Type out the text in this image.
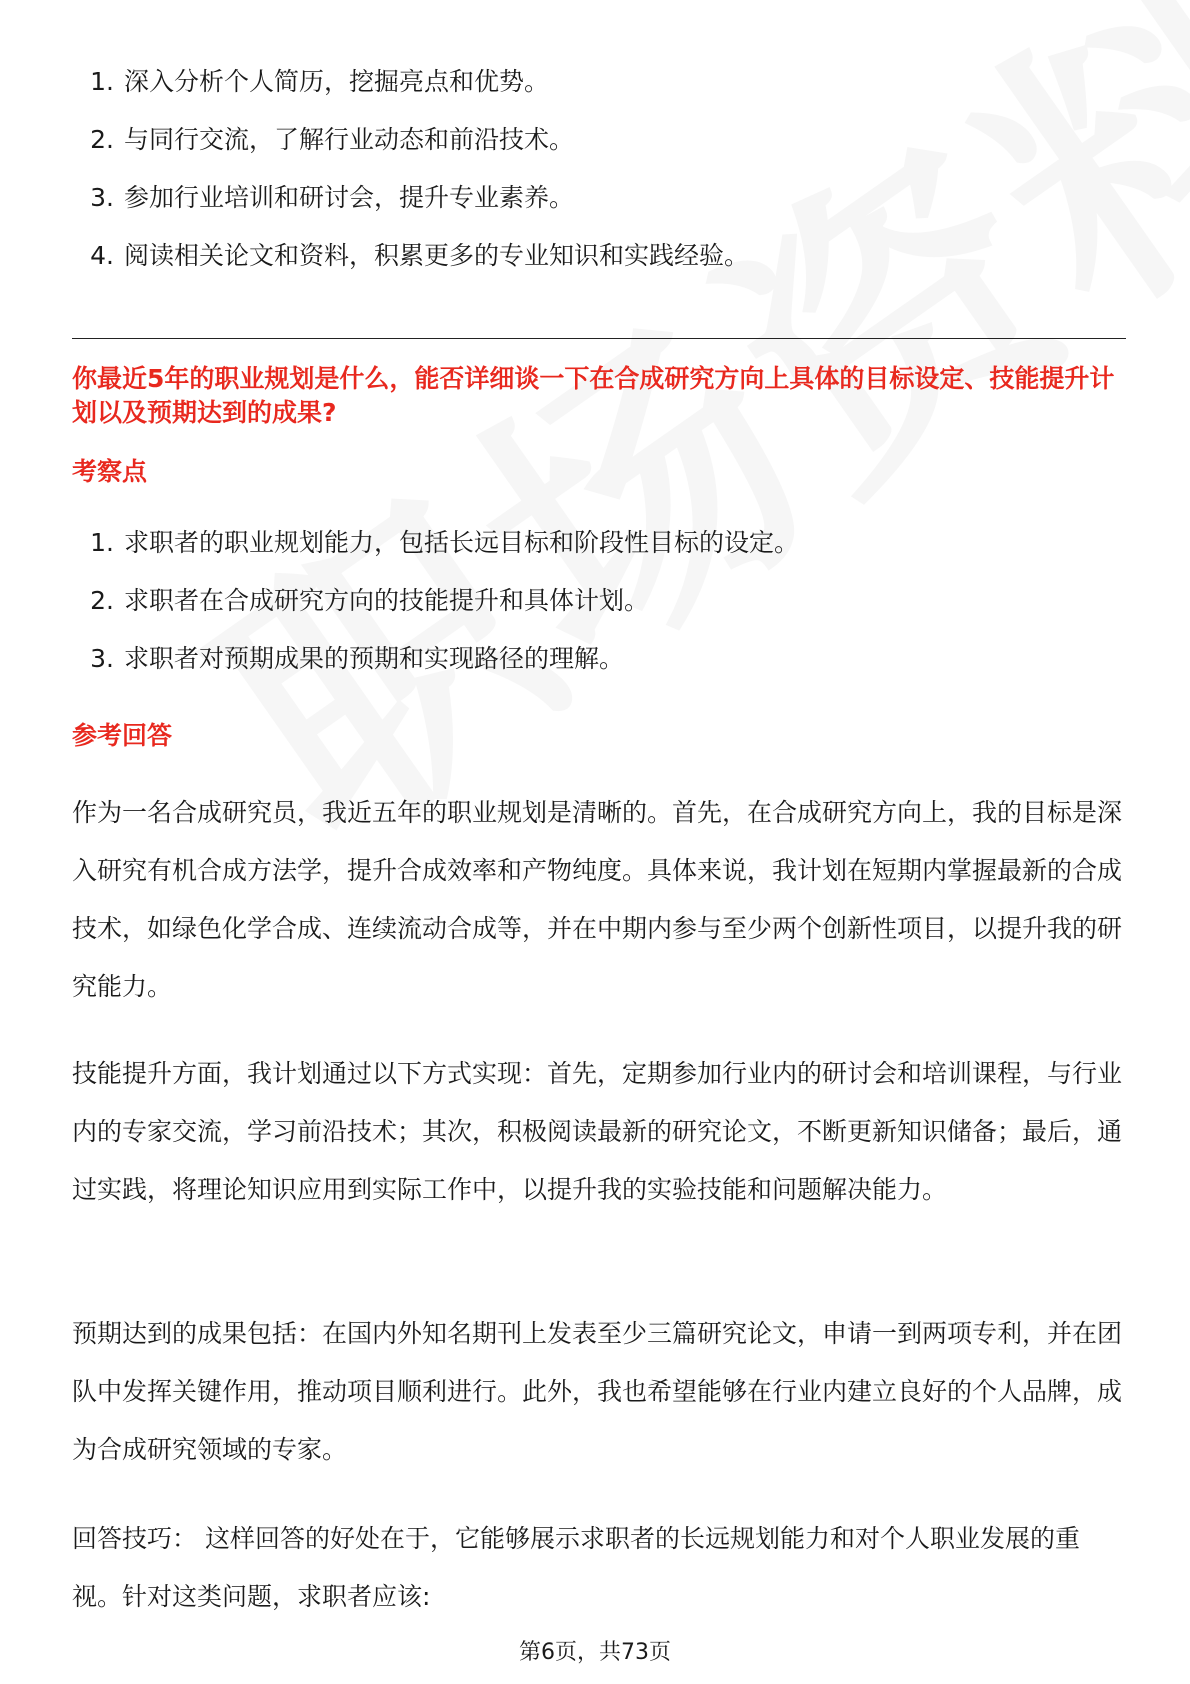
1. 深入分析个人简历，挖掘亮点和优势。
2. 与同行交流，了解行业动态和前沿技术。
3. 参加行业培训和研讨会，提升专业素养。
4. 阅读相关论文和资料，积累更多的专业知识和实践经验。
你最近5年的职业规划是什么，能否详细谈一下在合成研究方向上具体的目标设定、技能提升计划以及预期达到的成果?
考察点
1. 求职者的职业规划能力，包括长远目标和阶段性目标的设定。
2. 求职者在合成研究方向的技能提升和具体计划。
3. 求职者对预期成果的预期和实现路径的理解。
参考回答

作为一名合成研究员，我近五年的职业规划是清晰的。首先，在合成研究方向上，我的目标是深入研究有机合成方法学，提升合成效率和产物纯度。具体来说，我计划在短期内掌握最新的合成技术，如绿色化学合成、连续流动合成等，并在中期内参与至少两个创新性项目，以提升我的研究能力。

技能提升方面，我计划通过以下方式实现：首先，定期参加行业内的研讨会和培训课程，与行业内的专家交流，学习前沿技术；其次，积极阅读最新的研究论文，不断更新知识储备；最后，通过实践，将理论知识应用到实际工作中，以提升我的实验技能和问题解决能力。

预期达到的成果包括：在国内外知名期刊上发表至少三篇研究论文，申请一到两项专利，并在团队中发挥关键作用，推动项目顺利进行。此外，我也希望能够在行业内建立良好的个人品牌，成为合成研究领域的专家。

回答技巧： 这样回答的好处在于，它能够展示求职者的长远规划能力和对个人职业发展的重视。针对这类问题，求职者应该:

第6页，共73页
